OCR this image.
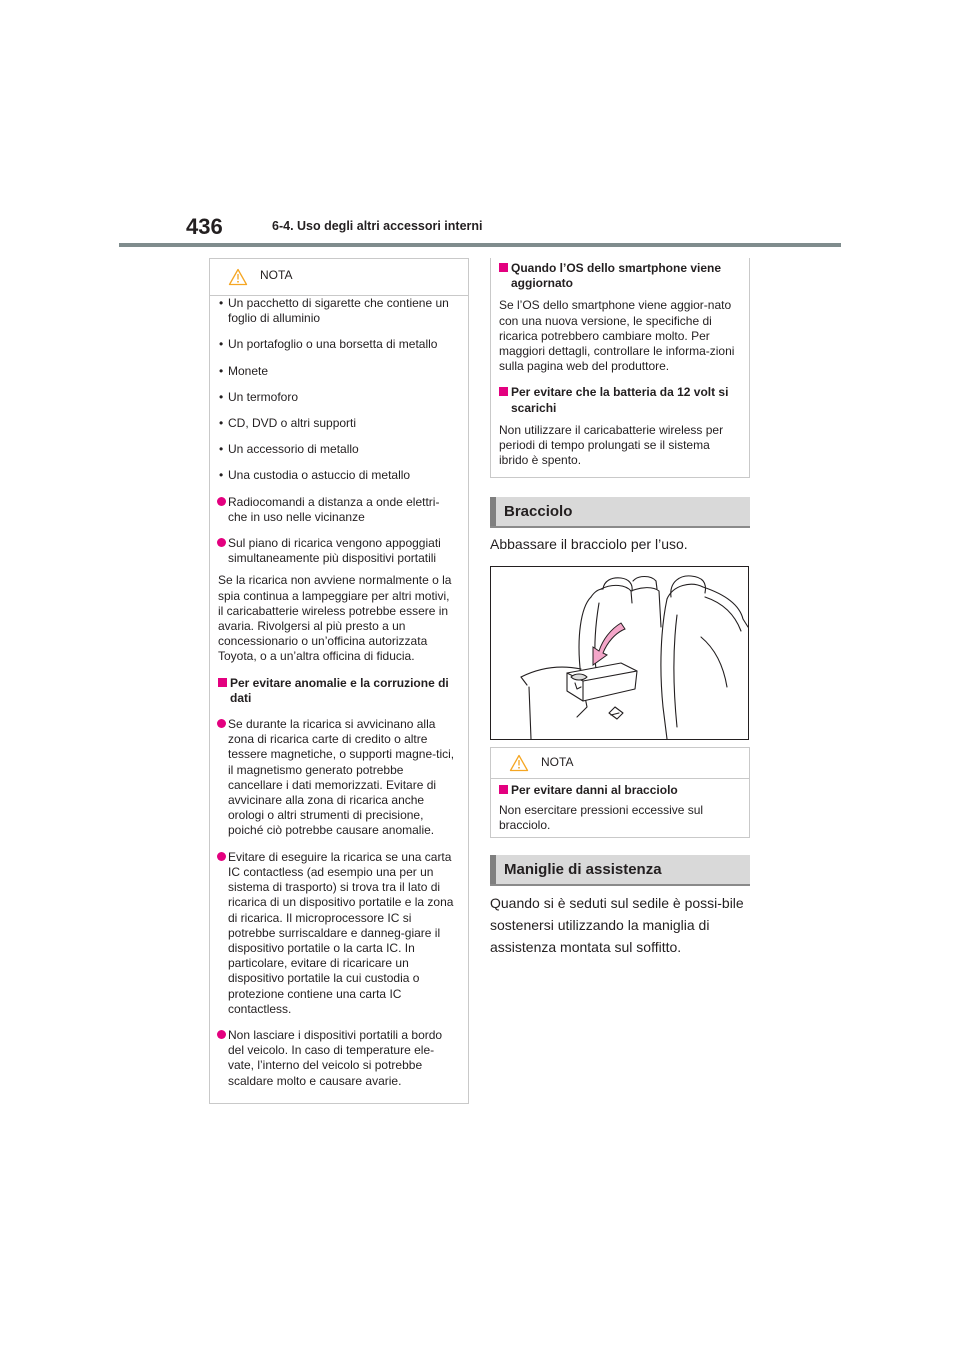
436	6-4. Uso degli altri accessori interni
NOTA
• Un pacchetto di sigarette che contiene un foglio di alluminio
• Un portafoglio o una borsetta di metallo
• Monete
• Un termoforo
• CD, DVD o altri supporti
• Un accessorio di metallo
• Una custodia o astuccio di metallo
Radiocomandi a distanza a onde elettri-che in uso nelle vicinanze
Sul piano di ricarica vengono appoggiati simultaneamente più dispositivi portatili
Se la ricarica non avviene normalmente o la spia continua a lampeggiare per altri motivi, il caricabatterie wireless potrebbe essere in avaria. Rivolgersi al più presto a un concessionario o un’officina autorizzata Toyota, o a un’altra officina di fiducia.
Per evitare anomalie e la corruzione di dati
Se durante la ricarica si avvicinano alla zona di ricarica carte di credito o altre tessere magnetiche, o supporti magne-tici, il magnetismo generato potrebbe cancellare i dati memorizzati. Evitare di avvicinare alla zona di ricarica anche orologi o altri strumenti di precisione, poiché ciò potrebbe causare anomalie.
Evitare di eseguire la ricarica se una carta IC contactless (ad esempio una per un sistema di trasporto) si trova tra il lato di ricarica di un dispositivo portatile e la zona di ricarica. Il microprocessore IC si potrebbe surriscaldare e danneg-giare il dispositivo portatile o la carta IC. In particolare, evitare di ricaricare un dispositivo portatile la cui custodia o protezione contiene una carta IC contactless.
Non lasciare i dispositivi portatili a bordo del veicolo. In caso di temperature ele-vate, l’interno del veicolo si potrebbe scaldare molto e causare avarie.
Quando l’OS dello smartphone viene aggiornato
Se l’OS dello smartphone viene aggior-nato con una nuova versione, le specifiche di ricarica potrebbero cambiare molto. Per maggiori dettagli, controllare le informa-zioni sulla pagina web del produttore.
Per evitare che la batteria da 12 volt si scarichi
Non utilizzare il caricabatterie wireless per periodi di tempo prolungati se il sistema ibrido è spento.
Bracciolo
Abbassare il bracciolo per l’uso.
NOTA
Per evitare danni al bracciolo
Non esercitare pressioni eccessive sul bracciolo.
Maniglie di assistenza
Quando si è seduti sul sedile è possi-bile sostenersi utilizzando la maniglia di assistenza montata sul soffitto.
